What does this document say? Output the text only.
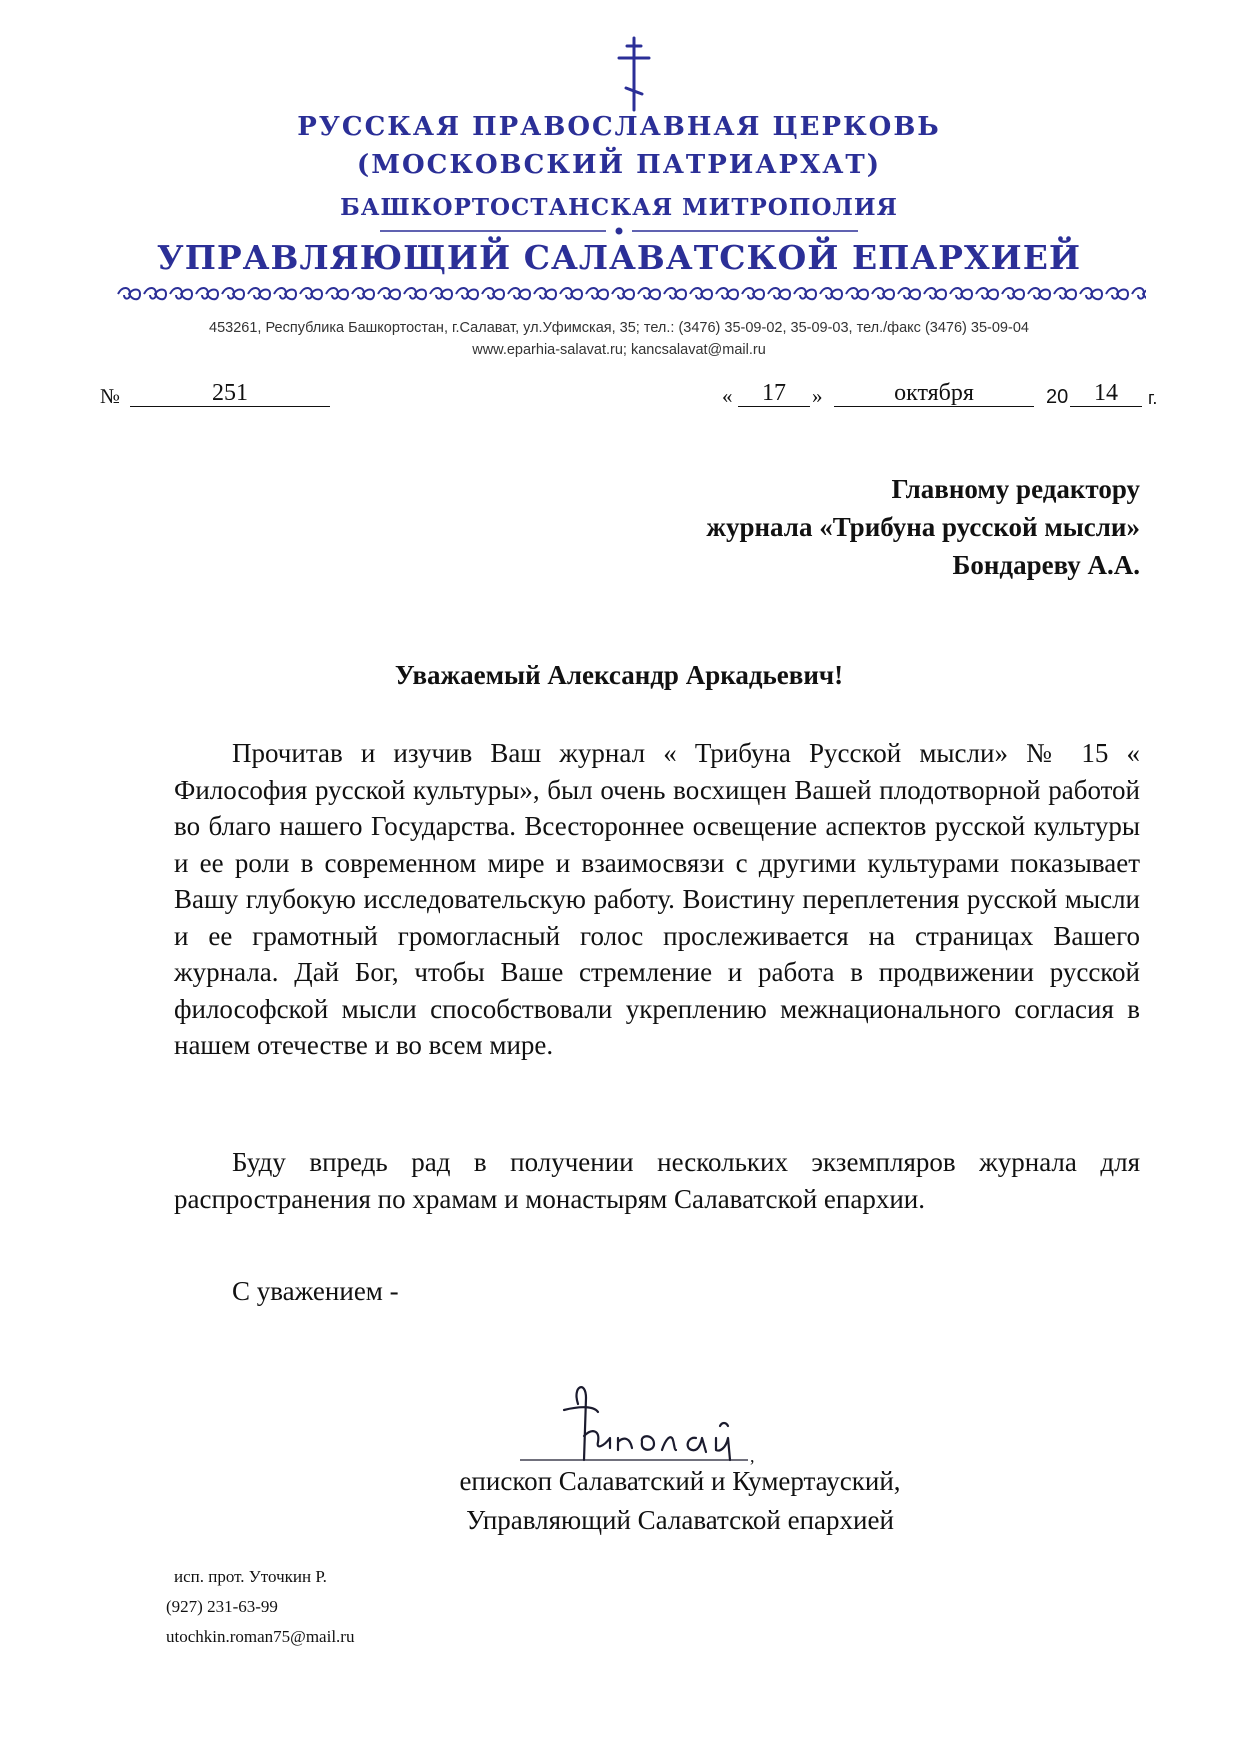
РУССКАЯ ПРАВОСЛАВНАЯ ЦЕРКОВЬ
(МОСКОВСКИЙ ПАТРИАРХАТ)
БАШКОРТОСТАНСКАЯ МИТРОПОЛИЯ
УПРАВЛЯЮЩИЙ САЛАВАТСКОЙ ЕПАРХИЕЙ
453261, Республика Башкортостан, г.Салават, ул.Уфимская, 35; тел.: (3476) 35-09-02, 35-09-03, тел./факс (3476) 35-09-04
www.eparhia-salavat.ru; kancsalavat@mail.ru
№	251	«	17	»	октября	20	14	г.
Главному редактору
журнала «Трибуна русской мысли»
Бондареву А.А.
Уважаемый Александр Аркадьевич!
Прочитав и изучив Ваш журнал « Трибуна Русской мысли» № 15 « Философия русской культуры», был очень восхищен Вашей плодотворной работой во благо нашего Государства. Всестороннее освещение аспектов русской культуры и ее роли в современном мире и взаимосвязи с другими культурами показывает Вашу глубокую исследовательскую работу. Воистину переплетения русской мысли и ее грамотный громогласный голос прослеживается на страницах Вашего журнала. Дай Бог, чтобы Ваше стремление и работа в продвижении русской философской мысли способствовали укреплению межнационального согласия в нашем отечестве и во всем мире.
Буду впредь рад в получении нескольких экземпляров журнала для распространения по храмам и монастырям Салаватской епархии.
С уважением -
,
епископ Салаватский и Кумертауский,
Управляющий Салаватской епархией
исп. прот. Уточкин Р.
(927) 231-63-99
utochkin.roman75@mail.ru
